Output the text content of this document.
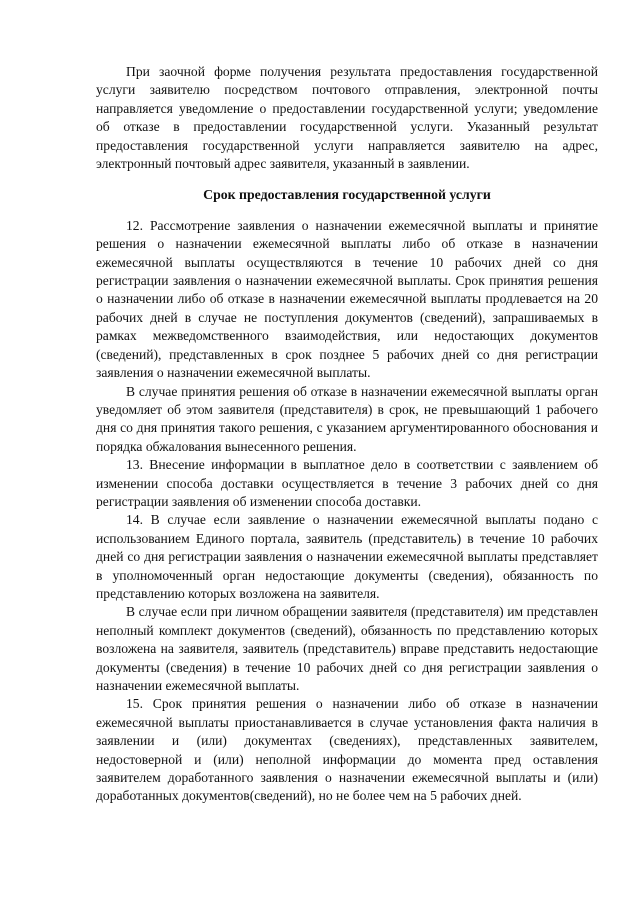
При заочной форме получения результата предоставления государственной услуги заявителю посредством почтового отправления, электронной почты направляется уведомление о предоставлении государственной услуги; уведомление об отказе в предоставлении государственной услуги. Указанный результат предоставления государственной услуги направляется заявителю на адрес, электронный почтовый адрес заявителя, указанный в заявлении.

Срок предоставления государственной услуги

12. Рассмотрение заявления о назначении ежемесячной выплаты и принятие решения о назначении ежемесячной выплаты либо об отказе в назначении ежемесячной выплаты осуществляются в течение 10 рабочих дней со дня регистрации заявления о назначении ежемесячной выплаты. Срок принятия решения о назначении либо об отказе в назначении ежемесячной выплаты продлевается на 20 рабочих дней в случае не поступления документов (сведений), запрашиваемых в рамках межведомственного взаимодействия, или недостающих документов (сведений), представленных в срок позднее 5 рабочих дней со дня регистрации заявления о назначении ежемесячной выплаты.

В случае принятия решения об отказе в назначении ежемесячной выплаты орган уведомляет об этом заявителя (представителя) в срок, не превышающий 1 рабочего дня со дня принятия такого решения, с указанием аргументированного обоснования и порядка обжалования вынесенного решения.

13. Внесение информации в выплатное дело в соответствии с заявлением об изменении способа доставки осуществляется в течение 3 рабочих дней со дня регистрации заявления об изменении способа доставки.

14. В случае если заявление о назначении ежемесячной выплаты подано с использованием Единого портала, заявитель (представитель) в течение 10 рабочих дней со дня регистрации заявления о назначении ежемесячной выплаты представляет в уполномоченный орган недостающие документы (сведения), обязанность по представлению которых возложена на заявителя.

В случае если при личном обращении заявителя (представителя) им представлен неполный комплект документов (сведений), обязанность по представлению которых возложена на заявителя, заявитель (представитель) вправе представить недостающие документы (сведения) в течение 10 рабочих дней со дня регистрации заявления о назначении ежемесячной выплаты.

15. Срок принятия решения о назначении либо об отказе в назначении ежемесячной выплаты приостанавливается в случае установления факта наличия в заявлении и (или) документах (сведениях), представленных заявителем, недостоверной и (или) неполной информации до момента пред оставления заявителем доработанного заявления о назначении ежемесячной выплаты и (или) доработанных документов(сведений), но не более чем на 5 рабочих дней.
